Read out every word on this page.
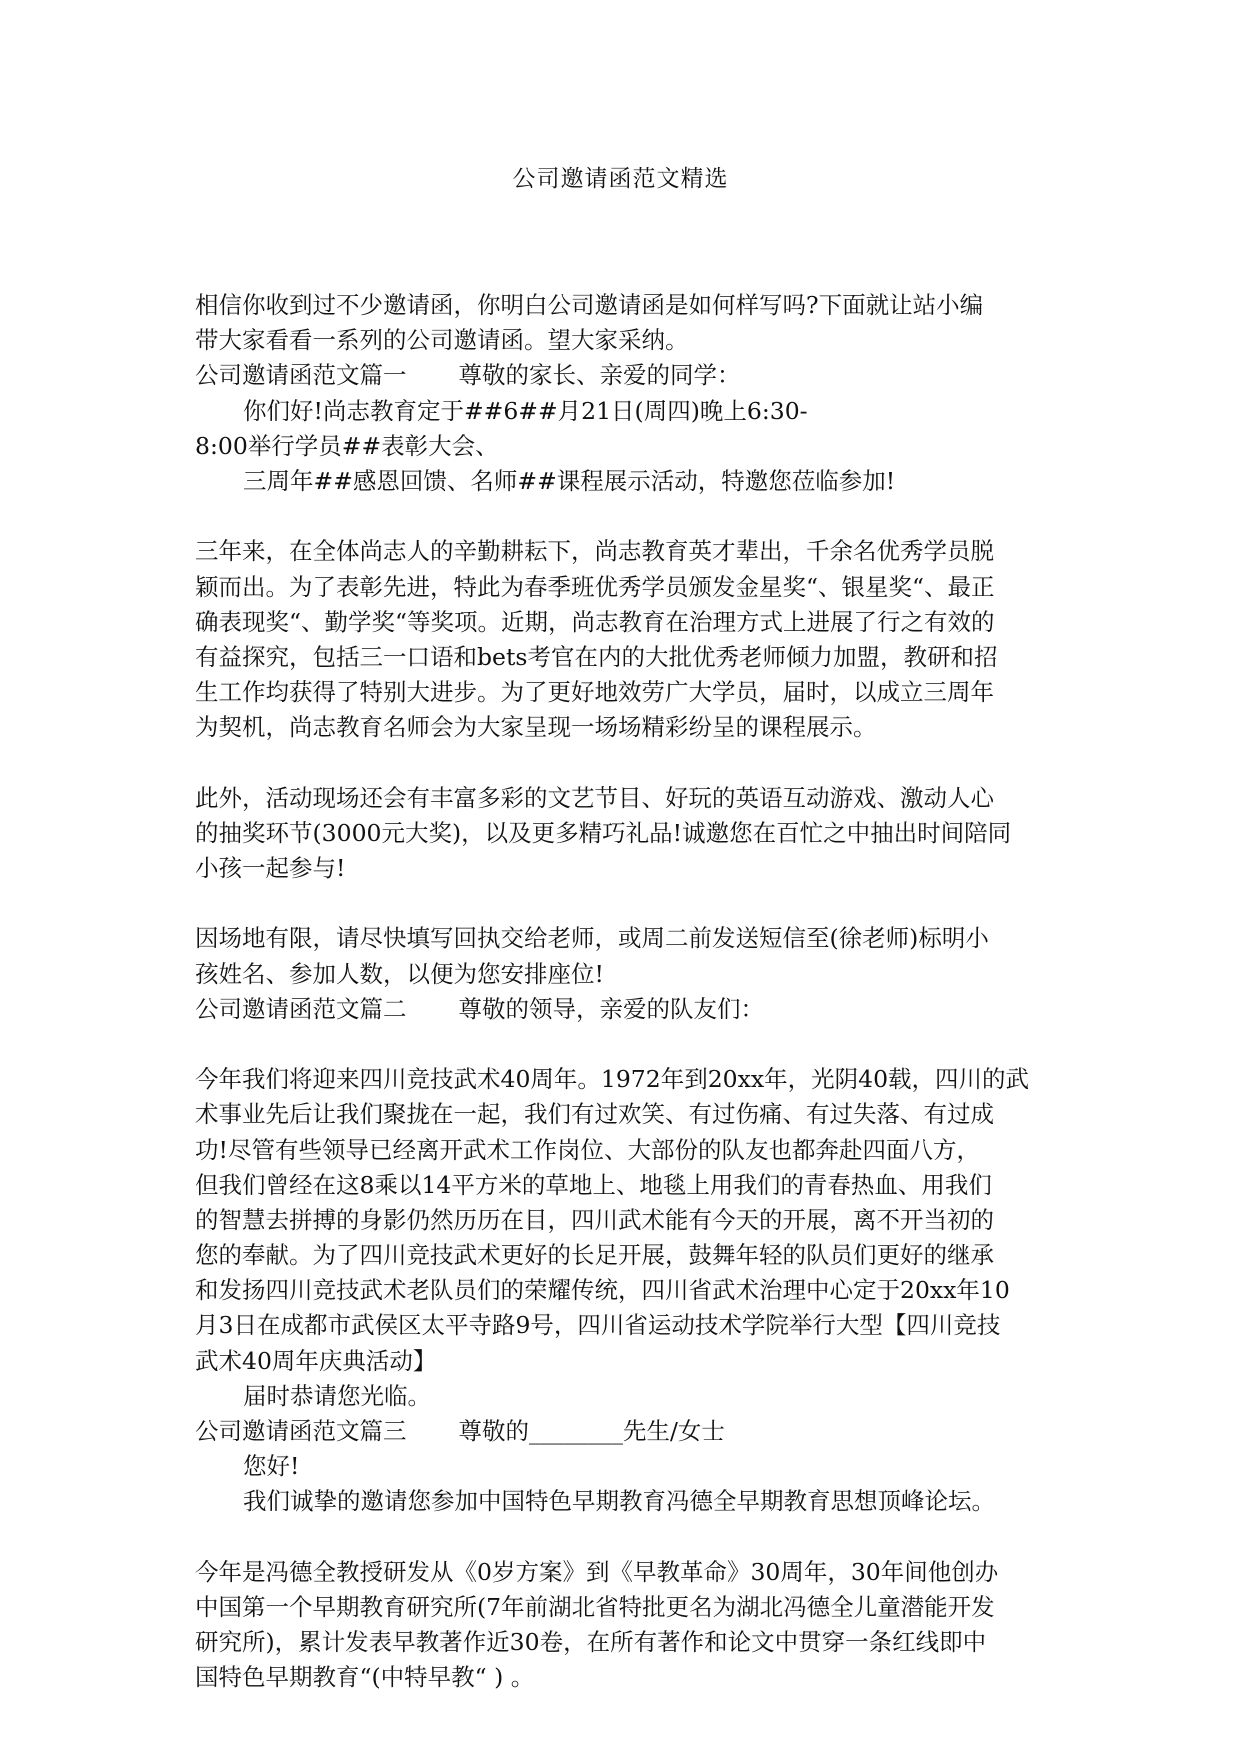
公司邀请函范文精选
相信你收到过不少邀请函，你明白公司邀请函是如何样写吗?下面就让站小编
带大家看看一系列的公司邀请函。望大家采纳。
公司邀请函范文篇一 尊敬的家长、亲爱的同学：
你们好!尚志教育定于##6##月21日(周四)晚上6:30-
8:00举行学员##表彰大会、
三周年##感恩回馈、名师##课程展示活动，特邀您莅临参加!
三年来，在全体尚志人的辛勤耕耘下，尚志教育英才辈出，千余名优秀学员脱
颖而出。为了表彰先进，特此为春季班优秀学员颁发金星奖“、银星奖“、最正
确表现奖“、勤学奖“等奖项。近期，尚志教育在治理方式上进展了行之有效的
有益探究，包括三一口语和bets考官在内的大批优秀老师倾力加盟，教研和招
生工作均获得了特别大进步。为了更好地效劳广大学员，届时，以成立三周年
为契机，尚志教育名师会为大家呈现一场场精彩纷呈的课程展示。
此外，活动现场还会有丰富多彩的文艺节目、好玩的英语互动游戏、激动人心
的抽奖环节(3000元大奖)，以及更多精巧礼品!诚邀您在百忙之中抽出时间陪同
小孩一起参与!
因场地有限，请尽快填写回执交给老师，或周二前发送短信至(徐老师)标明小
孩姓名、参加人数，以便为您安排座位!
公司邀请函范文篇二 尊敬的领导，亲爱的队友们：
今年我们将迎来四川竞技武术40周年。1972年到20xx年，光阴40载，四川的武
术事业先后让我们聚拢在一起，我们有过欢笑、有过伤痛、有过失落、有过成
功!尽管有些领导已经离开武术工作岗位、大部份的队友也都奔赴四面八方，
但我们曾经在这8乘以14平方米的草地上、地毯上用我们的青春热血、用我们
的智慧去拼搏的身影仍然历历在目，四川武术能有今天的开展，离不开当初的
您的奉献。为了四川竞技武术更好的长足开展，鼓舞年轻的队员们更好的继承
和发扬四川竞技武术老队员们的荣耀传统，四川省武术治理中心定于20xx年10
月3日在成都市武侯区太平寺路9号，四川省运动技术学院举行大型【四川竞技
武术40周年庆典活动】
届时恭请您光临。
公司邀请函范文篇三 尊敬的________先生/女士
您好!
我们诚挚的邀请您参加中国特色早期教育冯德全早期教育思想顶峰论坛。
今年是冯德全教授研发从《0岁方案》到《早教革命》30周年，30年间他创办
中国第一个早期教育研究所(7年前湖北省特批更名为湖北冯德全儿童潜能开发
研究所)，累计发表早教著作近30卷，在所有著作和论文中贯穿一条红线即中
国特色早期教育“(中特早教“ ) 。
